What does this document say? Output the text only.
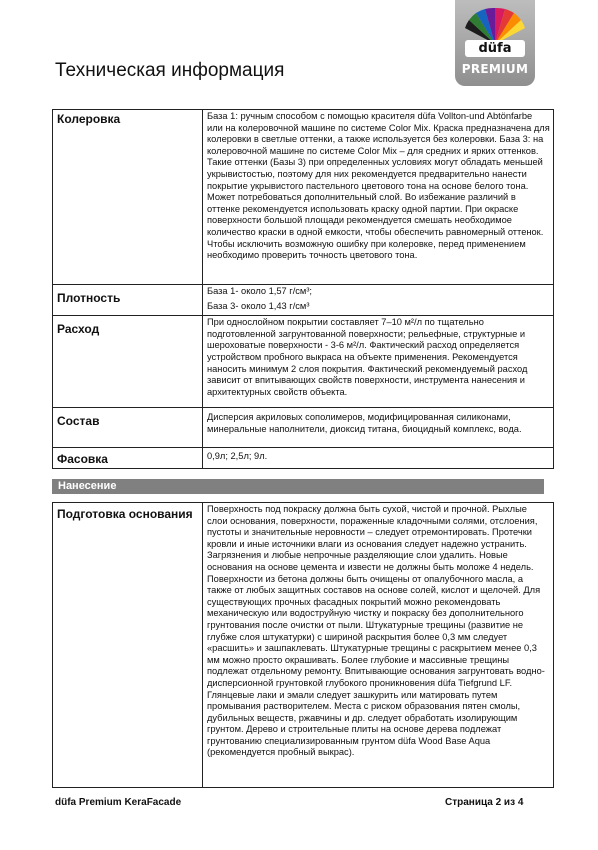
düfa
PREMIUM
Техническая информация
Колеровка	База 1: ручным способом с помощью красителя düfa Vollton-und Abtönfarbe или на колеровочной машине по системе Color Mix. Краска предназначена для колеровки в светлые оттенки, а также используется без колеровки. База 3: на колеровочной машине по системе Color Mix – для средних и ярких оттенков. Такие оттенки (Базы 3) при определенных условиях могут обладать меньшей укрывистостью, поэтому для них рекомендуется предварительно нанести покрытие укрывистого пастельного цветового тона на основе белого тона. Может потребоваться дополнительный слой. Во избежание различий в оттенке рекомендуется использовать краску одной партии. При окраске поверхности большой площади рекомендуется смешать необходимое количество краски в одной емкости, чтобы обеспечить равномерный оттенок. Чтобы исключить возможную ошибку при колеровке, перед применением необходимо проверить точность цветового тона.
Плотность	База 1- около 1,57 г/см³;
База 3- около 1,43 г/см³

Расход	При однослойном покрытии составляет 7–10 м²/л по тщательно подготовленной загрунтованной поверхности; рельефные, структурные и шероховатые поверхности - 3-6 м²/л. Фактический расход определяется устройством пробного выкраса на объекте применения. Рекомендуется наносить минимум 2 слоя покрытия. Фактический рекомендуемый расход зависит от впитывающих свойств поверхности, инструмента нанесения и архитектурных свойств объекта.
Состав	Дисперсия акриловых сополимеров, модифицированная силиконами, минеральные наполнители, диоксид титана, биоцидный комплекс, вода.
Фасовка	0,9л; 2,5л; 9л.
Нанесение
Подготовка основания	Поверхность под покраску должна быть сухой, чистой и прочной. Рыхлые слои основания, поверхности, пораженные кладочными солями, отслоения, пустоты и значительные неровности – следует отремонтировать. Протечки кровли и иные источники влаги из основания следует надежно устранить. Загрязнения и любые непрочные разделяющие слои удалить. Новые основания на основе цемента и извести не должны быть моложе 4 недель. Поверхности из бетона должны быть очищены от опалубочного масла, а также от любых защитных составов на основе солей, кислот и щелочей. Для существующих прочных фасадных покрытий можно рекомендовать механическую или водоструйную чистку и покраску без дополнительного грунтования после очистки от пыли. Штукатурные трещины (развитие не глубже слоя штукатурки) с шириной раскрытия более 0,3 мм следует «расшить» и зашпаклевать. Штукатурные трещины с раскрытием менее 0,3 мм можно просто окрашивать. Более глубокие и массивные трещины подлежат отдельному ремонту. Впитывающие основания загрунтовать водно-дисперсионной грунтовкой глубокого проникновения düfa Tiefgrund LF. Глянцевые лаки и эмали следует зашкурить или матировать путем промывания растворителем. Места с риском образования пятен смолы, дубильных веществ, ржавчины и др. следует обработать изолирующим грунтом. Дерево и строительные плиты на основе дерева подлежат грунтованию специализированным грунтом düfa Wood Base Aqua (рекомендуется пробный выкрас).
düfa Premium KeraFacade	Страница 2 из 4
